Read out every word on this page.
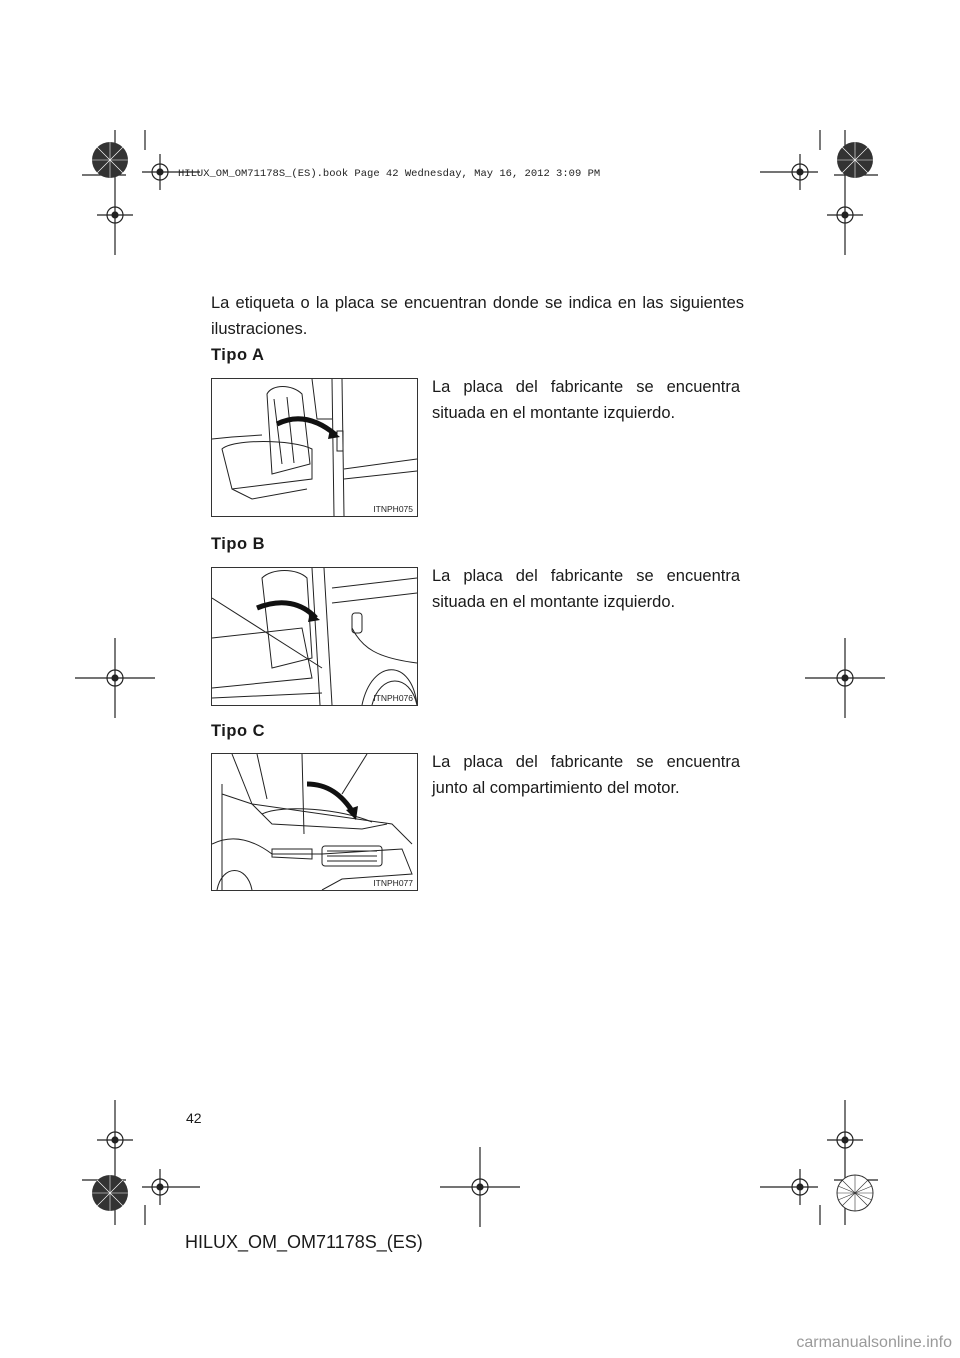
HILUX_OM_OM71178S_(ES).book Page 42 Wednesday, May 16, 2012 3:09 PM
La etiqueta o la placa se encuentran donde se indica en las siguientes ilustraciones.
Tipo A
ITNPH075
La placa del fabricante se encuentra
situada en el montante izquierdo.
Tipo B
ITNPH076
La placa del fabricante se encuentra
situada en el montante izquierdo.
Tipo C
ITNPH077
La placa del fabricante se encuentra
junto al compartimiento del motor.
42
HILUX_OM_OM71178S_(ES)
carmanualsonline.info
